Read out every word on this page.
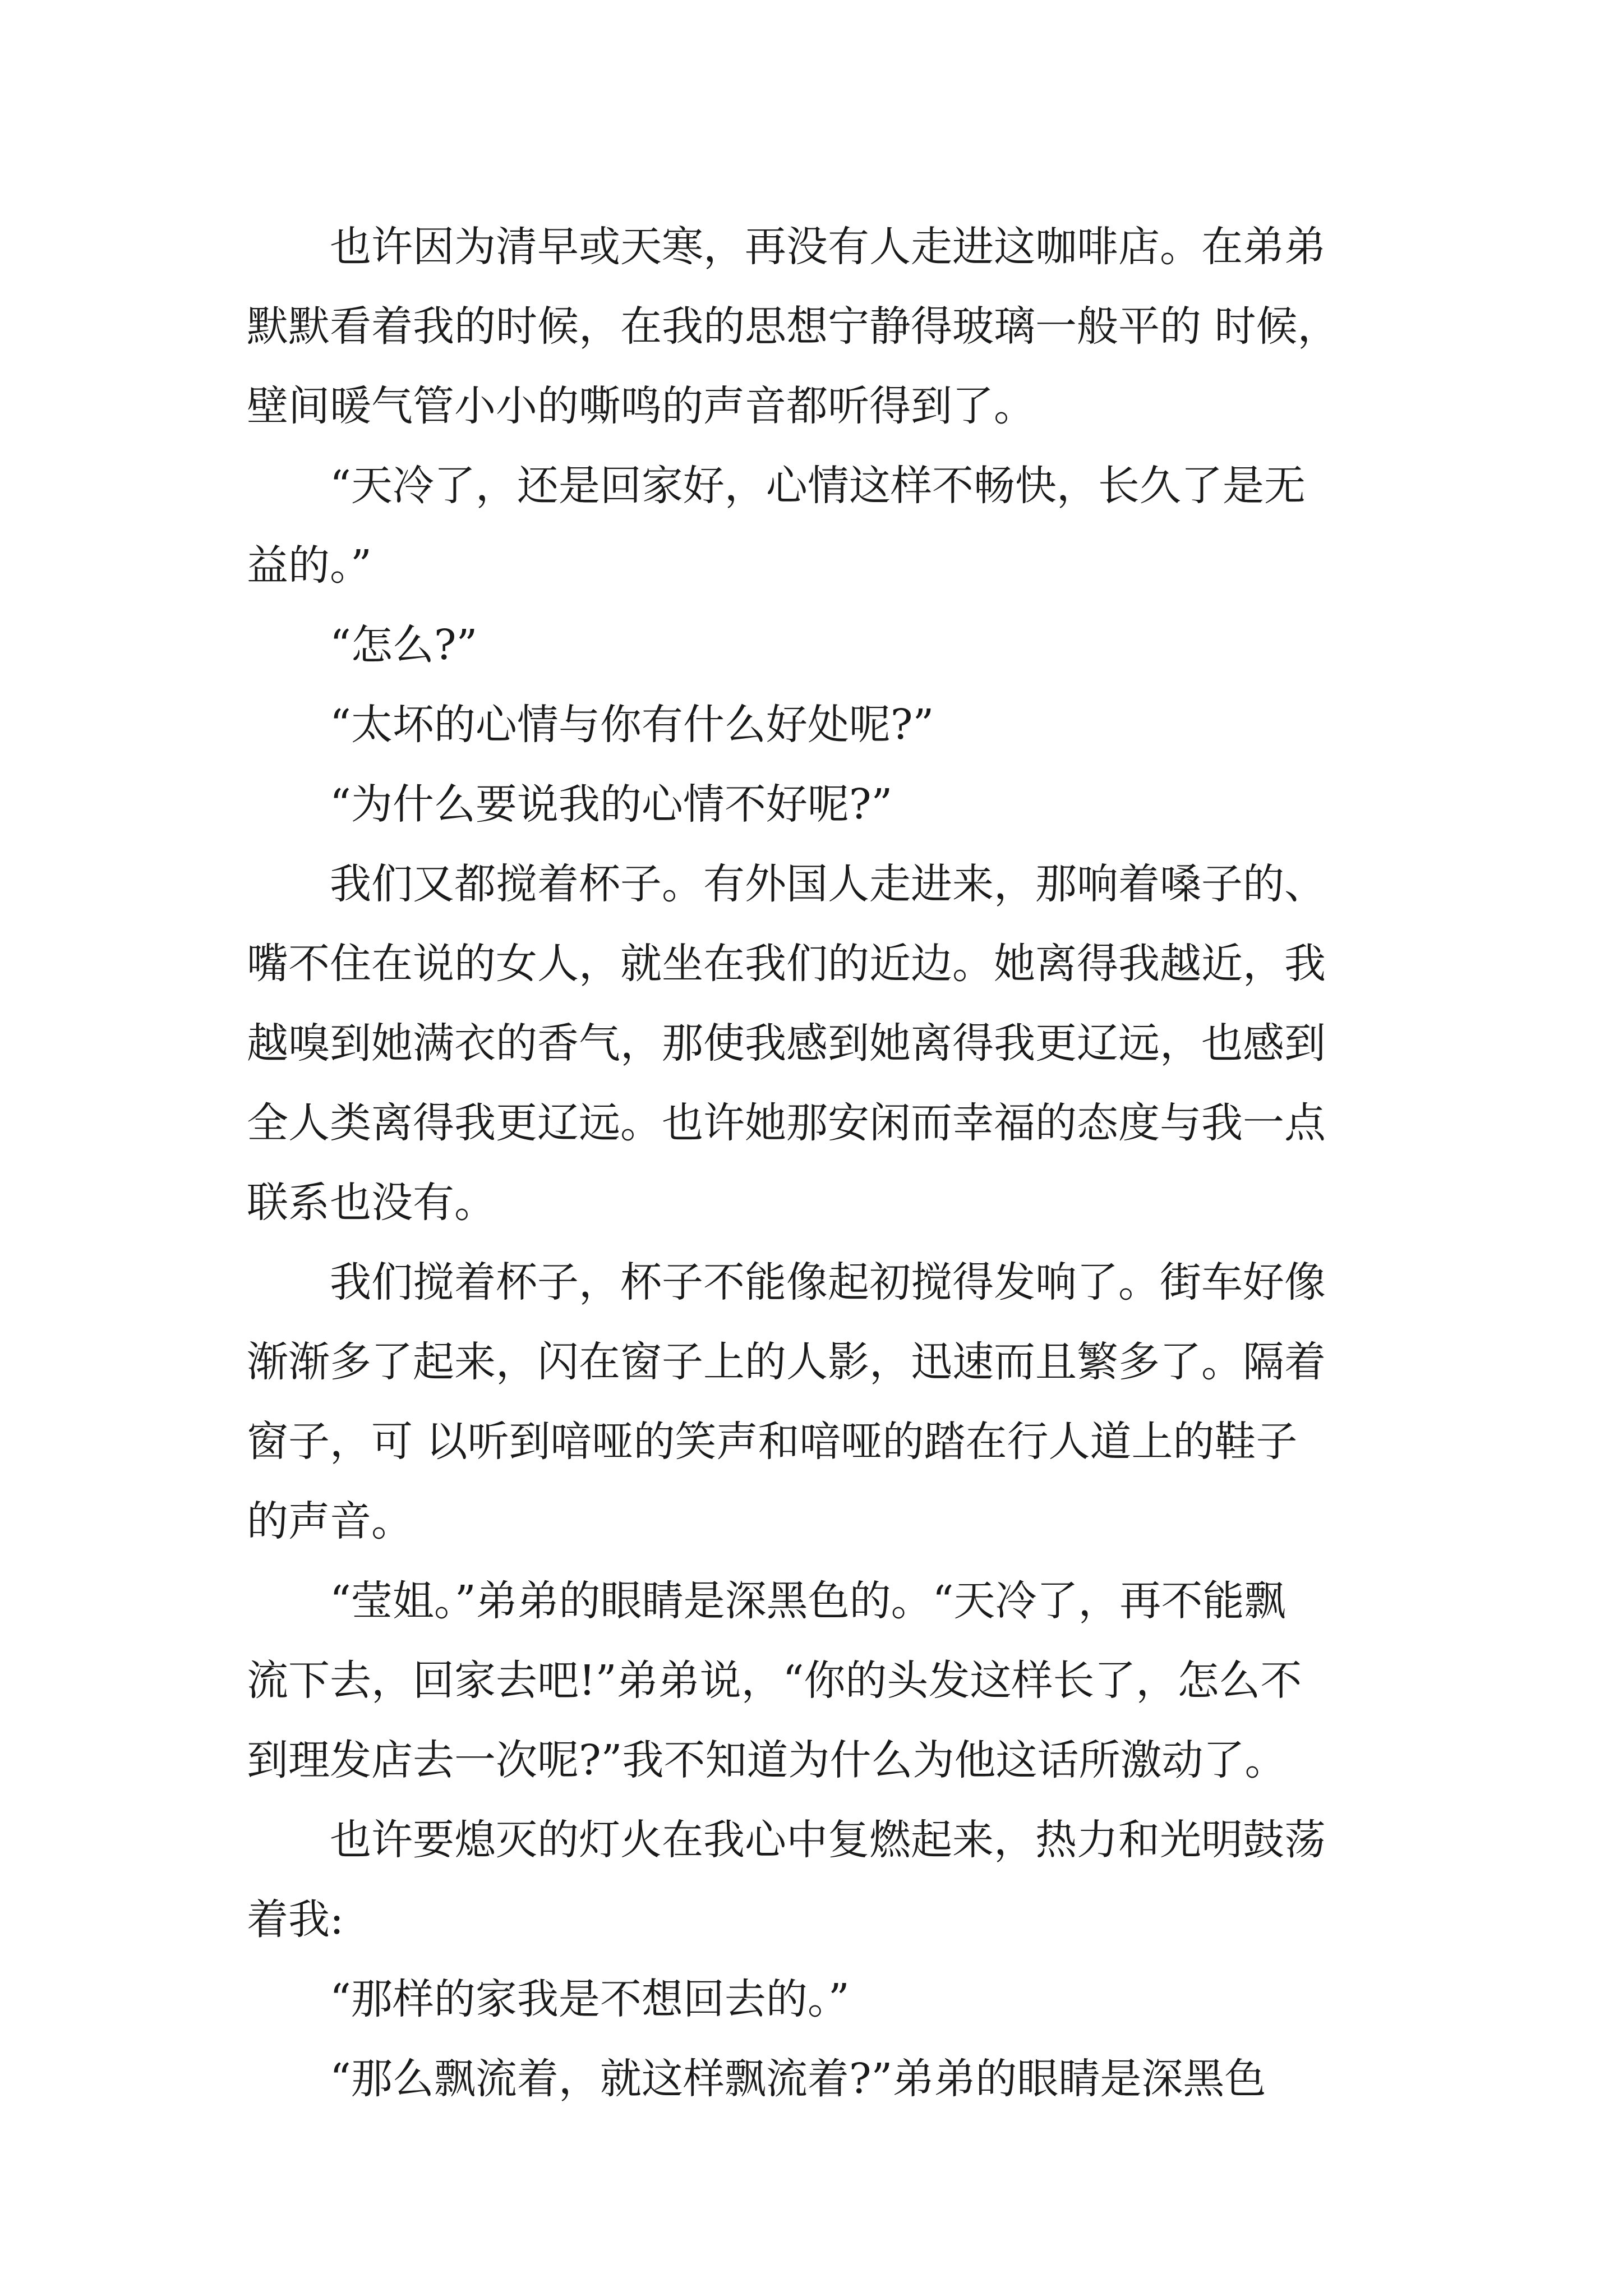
　　也许因为清早或天寒，再没有人走进这咖啡店。在弟弟
默默看着我的时候，在我的思想宁静得玻璃一般平的 时候，
壁间暖气管小小的嘶鸣的声音都听得到了。
　　“天冷了，还是回家好，心情这样不畅快，长久了是无
益的。”
　　“怎么?”
　　“太坏的心情与你有什么好处呢?”
　　“为什么要说我的心情不好呢?”
　　我们又都搅着杯子。有外国人走进来，那响着嗓子的、
嘴不住在说的女人，就坐在我们的近边。她离得我越近，我
越嗅到她满衣的香气，那使我感到她离得我更辽远，也感到
全人类离得我更辽远。也许她那安闲而幸福的态度与我一点
联系也没有。
　　我们搅着杯子，杯子不能像起初搅得发响了。街车好像
渐渐多了起来，闪在窗子上的人影，迅速而且繁多了。隔着
窗子，可 以听到喑哑的笑声和喑哑的踏在行人道上的鞋子
的声音。
　　“莹姐。”弟弟的眼睛是深黑色的。“天冷了，再不能飘
流下去，回家去吧!”弟弟说，“你的头发这样长了，怎么不
到理发店去一次呢?”我不知道为什么为他这话所激动了。
　　也许要熄灭的灯火在我心中复燃起来，热力和光明鼓荡
着我:
　　“那样的家我是不想回去的。”
　　“那么飘流着，就这样飘流着?”弟弟的眼睛是深黑色
